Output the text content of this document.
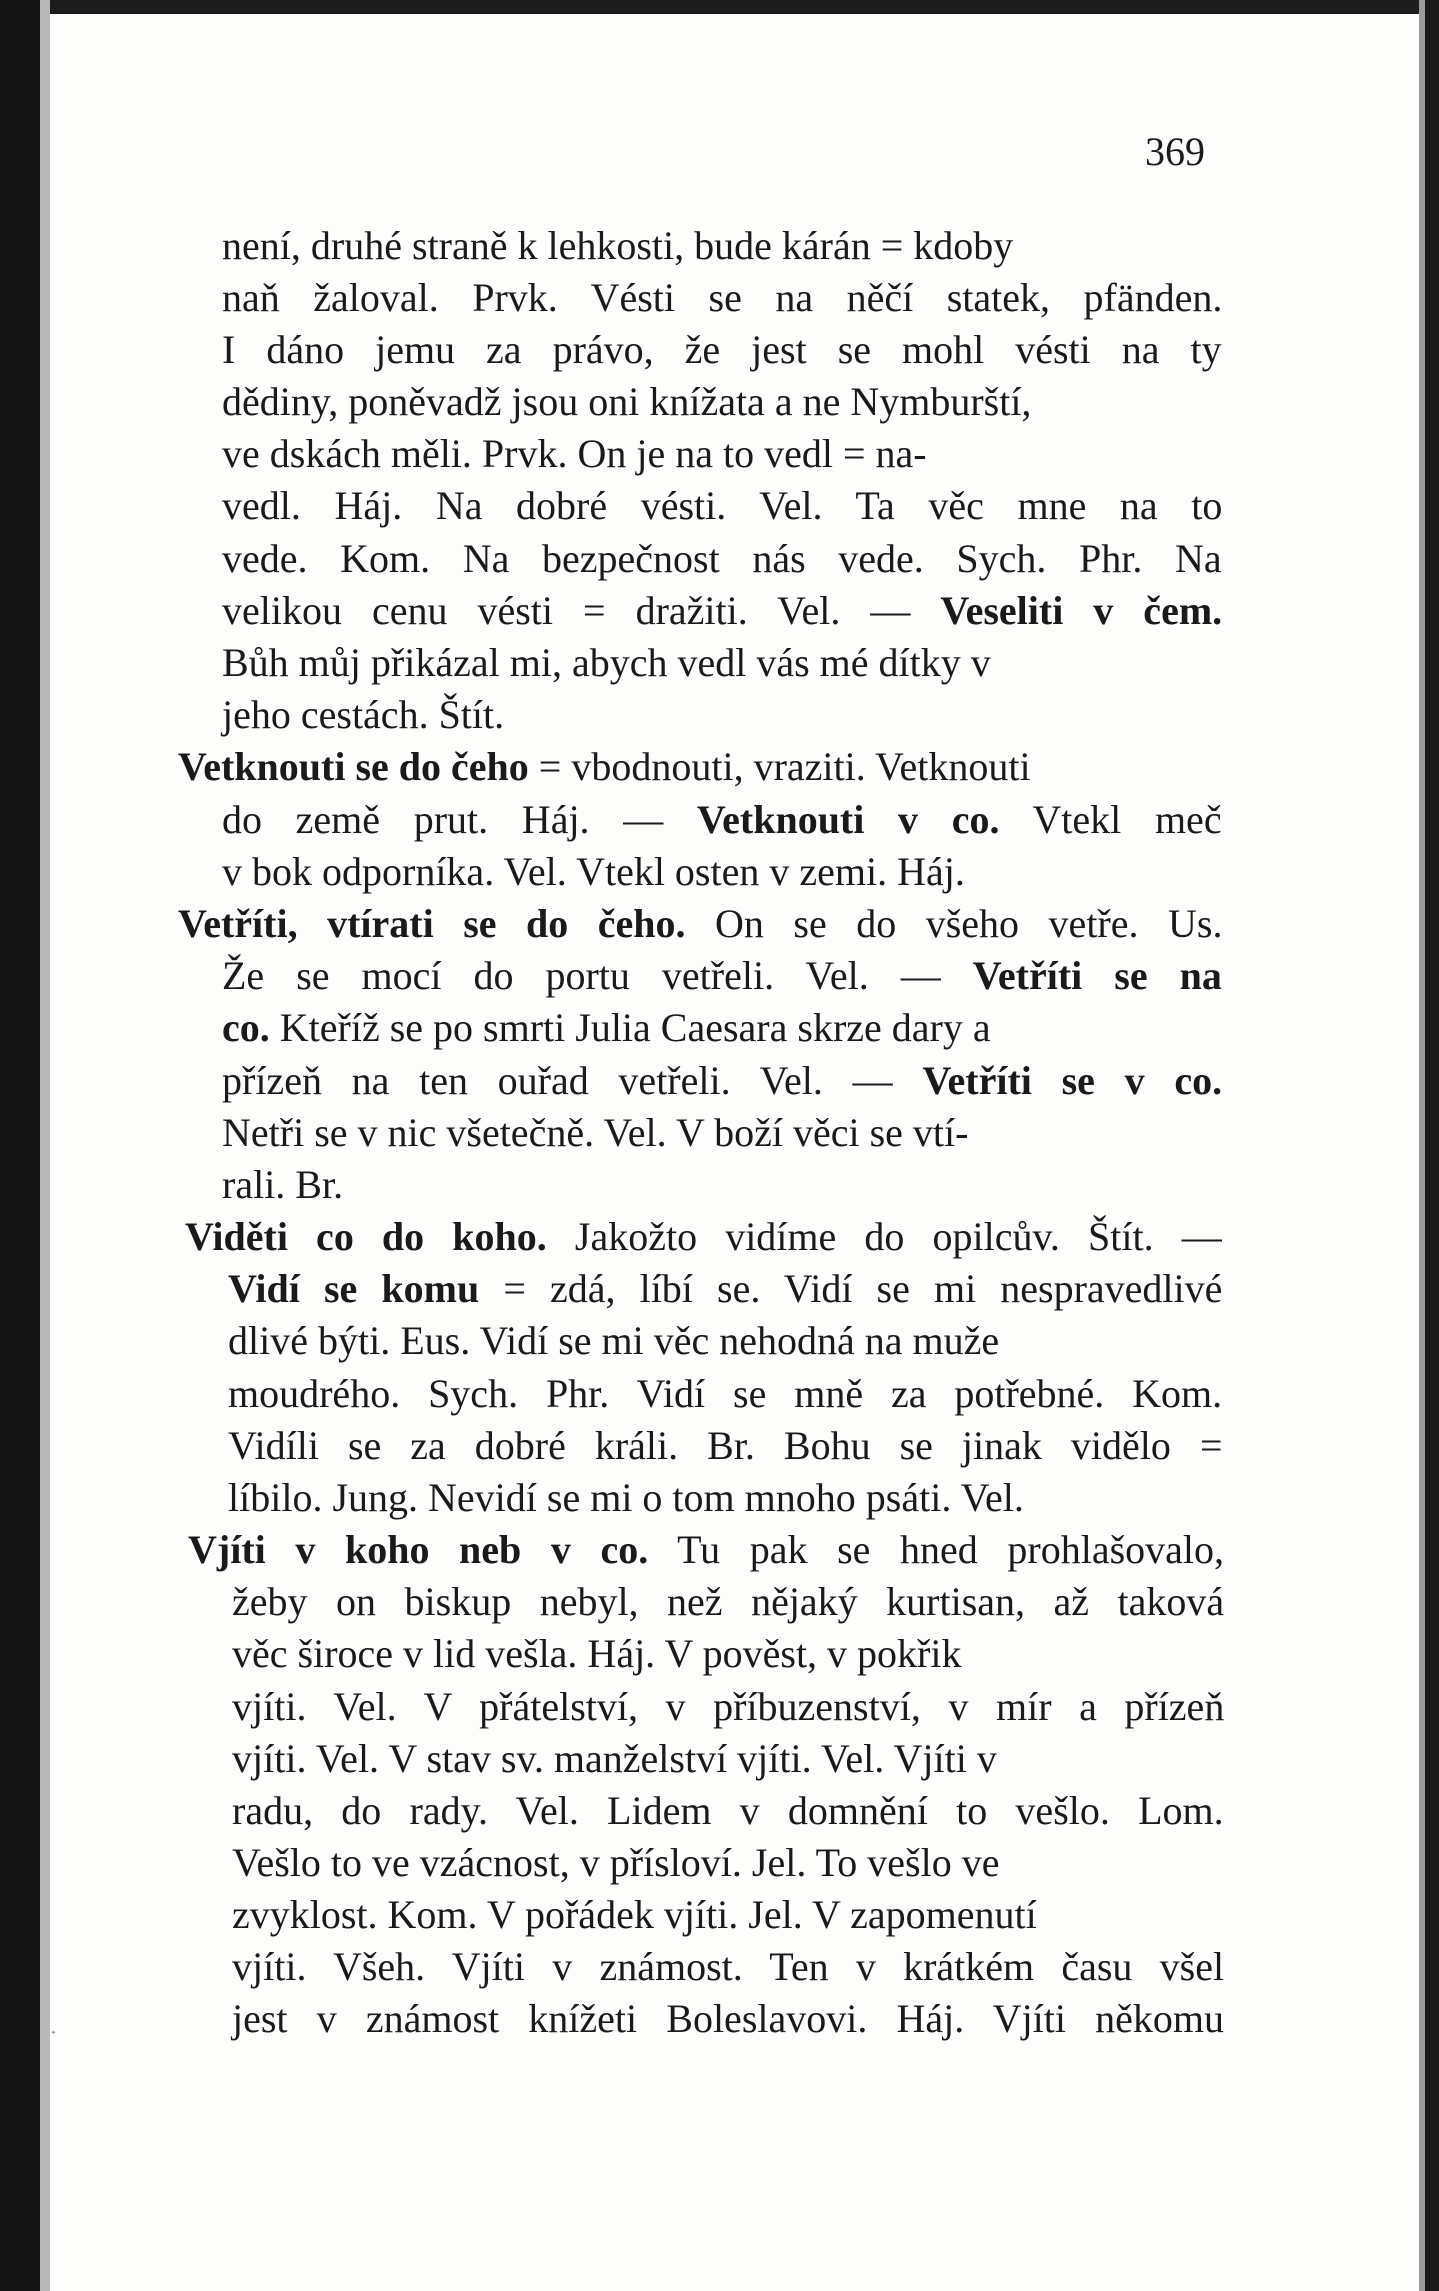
369
není, druhé straně k lehkosti, bude kárán = kdoby
naň žaloval. Prvk. Vésti se na něčí statek, pfänden.
I dáno jemu za právo, že jest se mohl vésti na ty
dědiny, poněvadž jsou oni knížata a ne Nymburští,
ve dskách měli. Prvk. On je na to vedl = na-
vedl. Háj. Na dobré vésti. Vel. Ta věc mne na to
vede. Kom. Na bezpečnost nás vede. Sych. Phr. Na
velikou cenu vésti = dražiti. Vel. — Veseliti v čem.
Bůh můj přikázal mi, abych vedl vás mé dítky v
jeho cestách. Štít.
Vetknouti se do čeho = vbodnouti, vraziti. Vetknouti
do země prut. Háj. — Vetknouti v co. Vtekl meč
v bok odporníka. Vel. Vtekl osten v zemi. Háj.
Vetříti, vtírati se do čeho. On se do všeho vetře. Us.
Že se mocí do portu vetřeli. Vel. — Vetříti se na
co. Kteříž se po smrti Julia Caesara skrze dary a
přízeň na ten ouřad vetřeli. Vel. — Vetříti se v co.
Netři se v nic všetečně. Vel. V boží věci se vtí-
rali. Br.
Viděti co do koho. Jakožto vidíme do opilcův. Štít. —
Vidí se komu = zdá, líbí se. Vidí se mi nespravedlivé
dlivé býti. Eus. Vidí se mi věc nehodná na muže
moudrého. Sych. Phr. Vidí se mně za potřebné. Kom.
Vidíli se za dobré králi. Br. Bohu se jinak vidělo =
líbilo. Jung. Nevidí se mi o tom mnoho psáti. Vel.
Vjíti v koho neb v co. Tu pak se hned prohlašovalo,
žeby on biskup nebyl, než nějaký kurtisan, až taková
věc široce v lid vešla. Háj. V pověst, v pokřik
vjíti. Vel. V přátelství, v příbuzenství, v mír a přízeň
vjíti. Vel. V stav sv. manželství vjíti. Vel. Vjíti v
radu, do rady. Vel. Lidem v domnění to vešlo. Lom.
Vešlo to ve vzácnost, v přísloví. Jel. To vešlo ve
zvyklost. Kom. V pořádek vjíti. Jel. V zapomenutí
vjíti. Všeh. Vjíti v známost. Ten v krátkém času všel
jest v známost knížeti Boleslavovi. Háj. Vjíti někomu
·
